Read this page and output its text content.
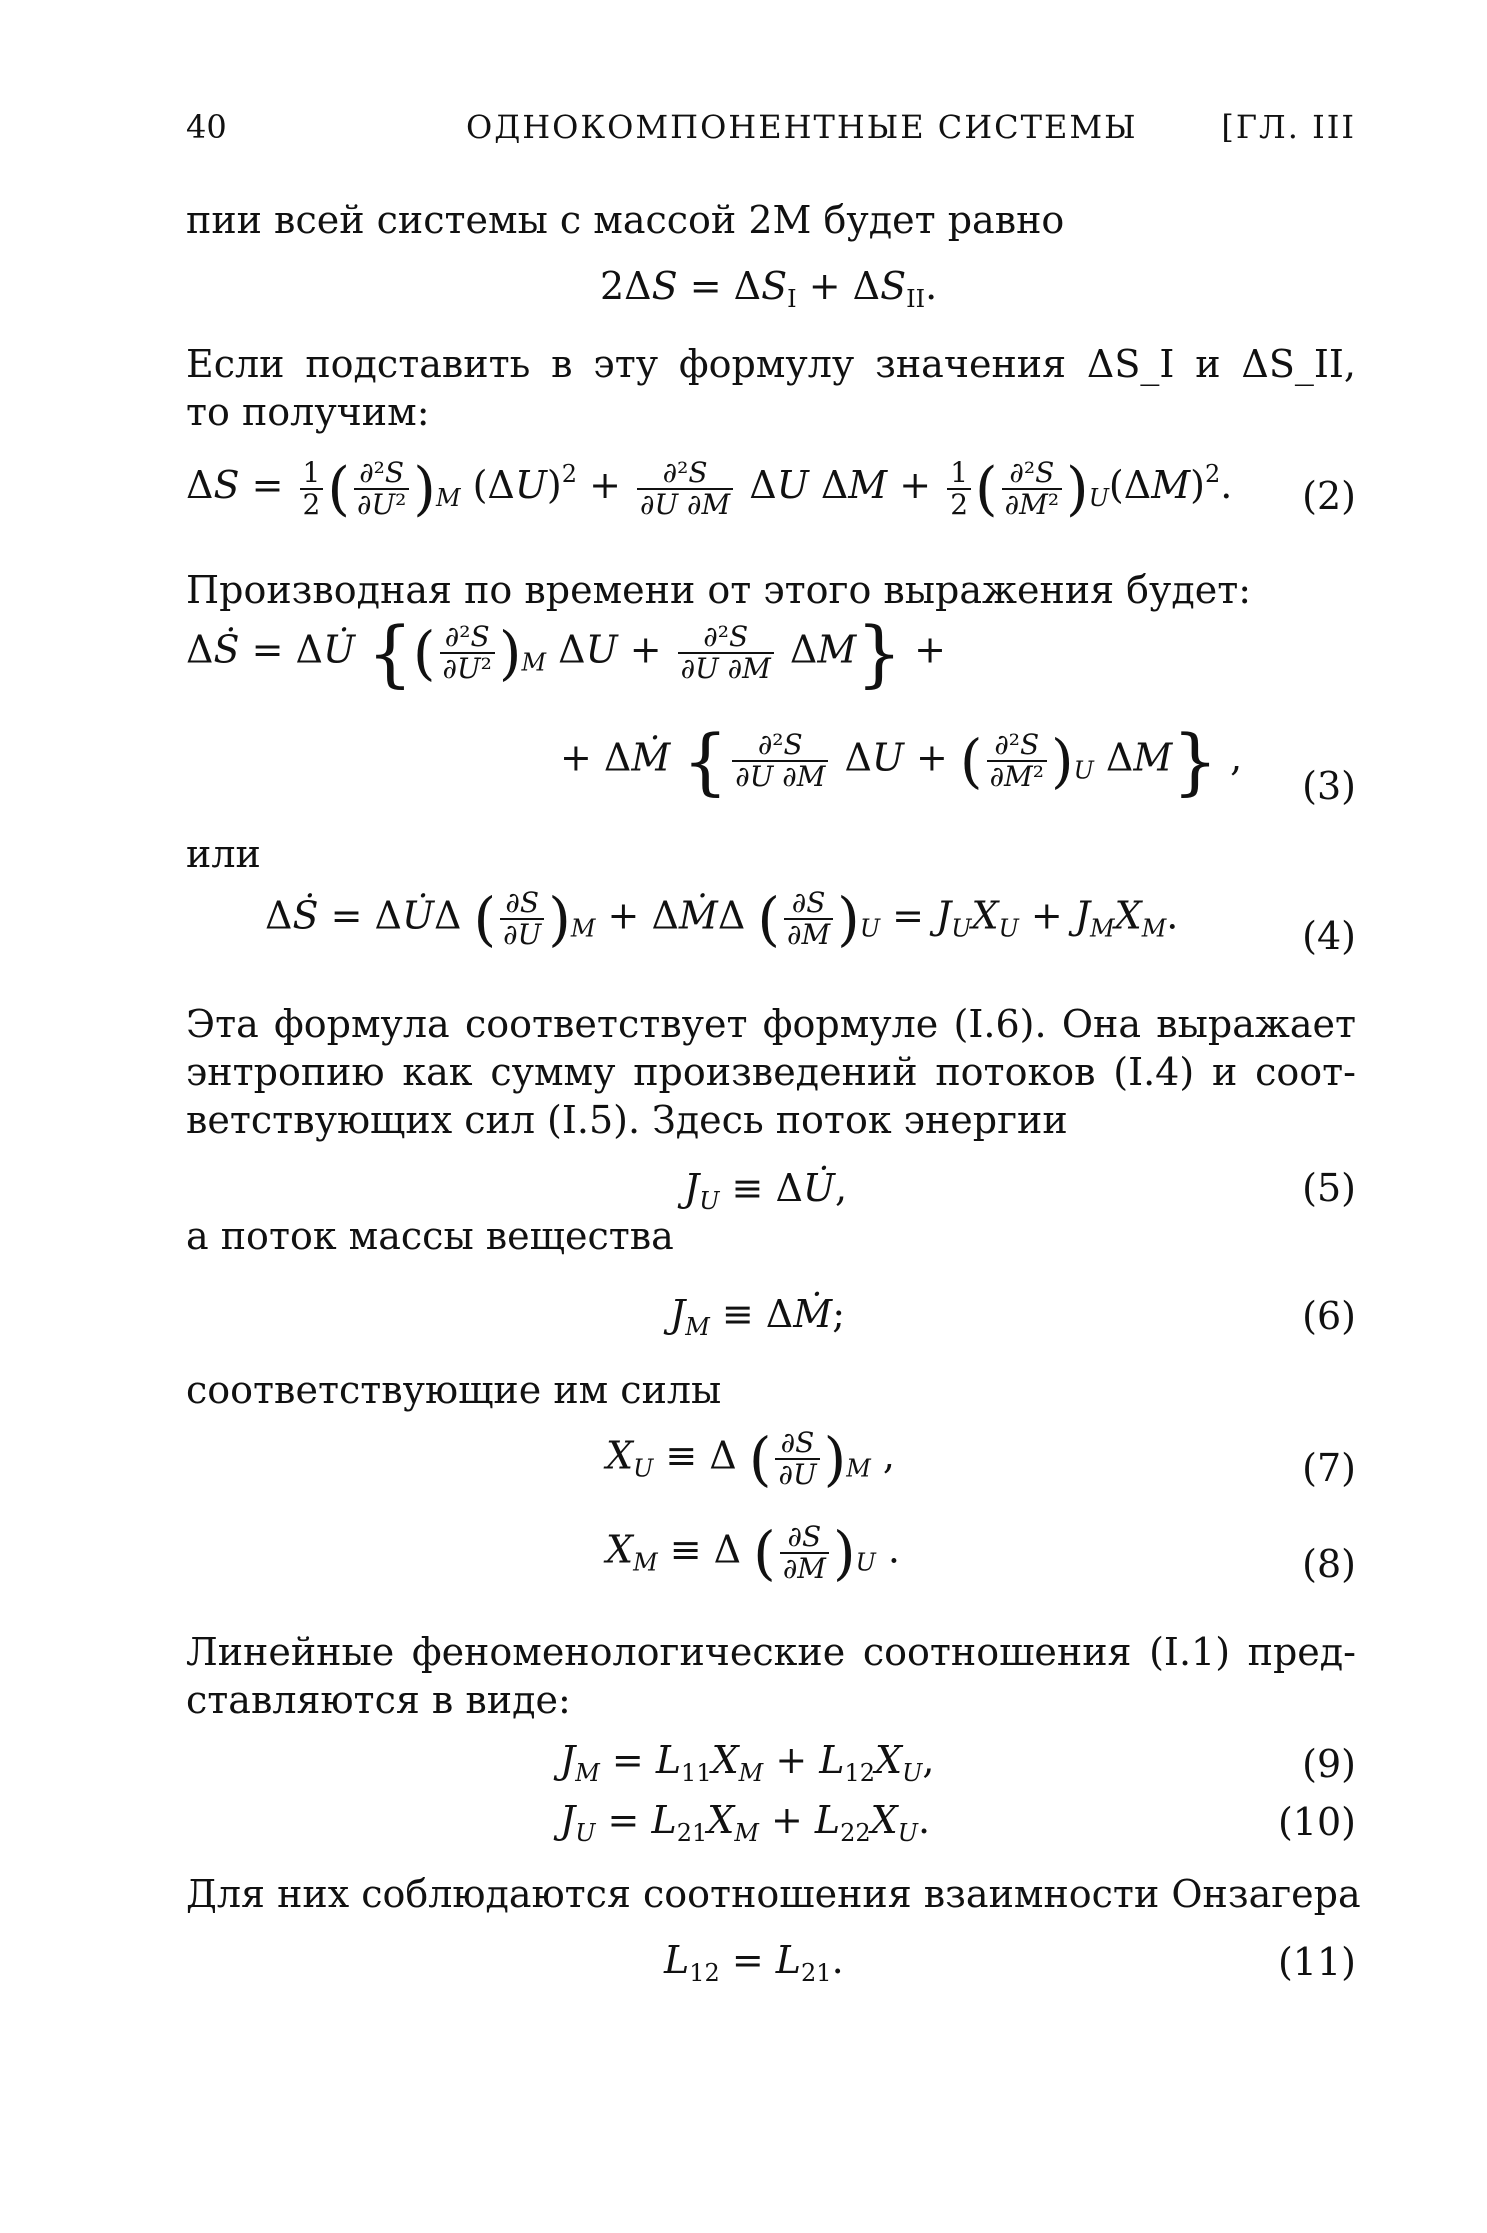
40	ОДНОКОМПОНЕНТНЫЕ СИСТЕМЫ	[ГЛ. III
пии всей системы с массой 2M будет равно
$2\Delta S = \Delta S_I + \Delta S_{II}$.
Если подставить в эту формулу значения ΔS_I и ΔS_II,
то получим:
$\Delta S = \frac{1}{2}$ ( $\frac{\text{∂²S}}{\text{∂U²}} )_M$ $(\Delta U)^2 + \frac{\text{∂²S}}{\partial U \partial M}$ ΔU $\Delta M + \frac{1}{2}$ ( $\frac{\text{∂²S}}{\text{∂M²}} )_U(\Delta M)^2$. (2)
Производная по времени от этого выражения будет:
ΔṠ = ΔU̇ {( $\frac{\text{∂²S}}{\text{∂U²}} )_M$ $\Delta U + \frac{\text{∂²S}}{\partial U \partial M} \Delta M$} +
+ ΔṀ { $\frac{\text{∂²S}}{\partial U \partial M}$ ΔU + ( $\frac{\text{∂²S}}{\text{∂M²}} )_U$ ΔM} ,
(3)
или
ΔṠ = ΔU̇Δ ( $\frac{\partial S}{\partial U} )_M$ + ΔṀΔ ( $\frac{\partial S}{\partial M} )_U = J_UX_U + J_MX_M$.	(4)
Эта формула соответствует формуле (I.6). Она выражает
энтропию как сумму произведений потоков (I.4) и соот-
ветствующих сил (I.5). Здесь поток энергии
$J_U$ ≡ ΔU̇,	(5)
а поток массы вещества
$J_M$ ≡ ΔṀ;	(6)
соответствующие им силы
$X_U \equiv \Delta$ ( $\frac{\partial S}{\partial U} )_M$ ,	(7)
$X_M \equiv \Delta$ ( $\frac{\partial S}{\partial M} )_U$ .	(8)
Линейные феноменологические соотношения (I.1) пред-
ставляются в виде:
$J_M = L_{11}X_M + L_{12}X_U$,	(9)
$J_U = L_{21}X_M + L_{22}X_U$.	(10)
Для них соблюдаются соотношения взаимности Онзагера
$L_{12} = L_{21}$.	(11)
